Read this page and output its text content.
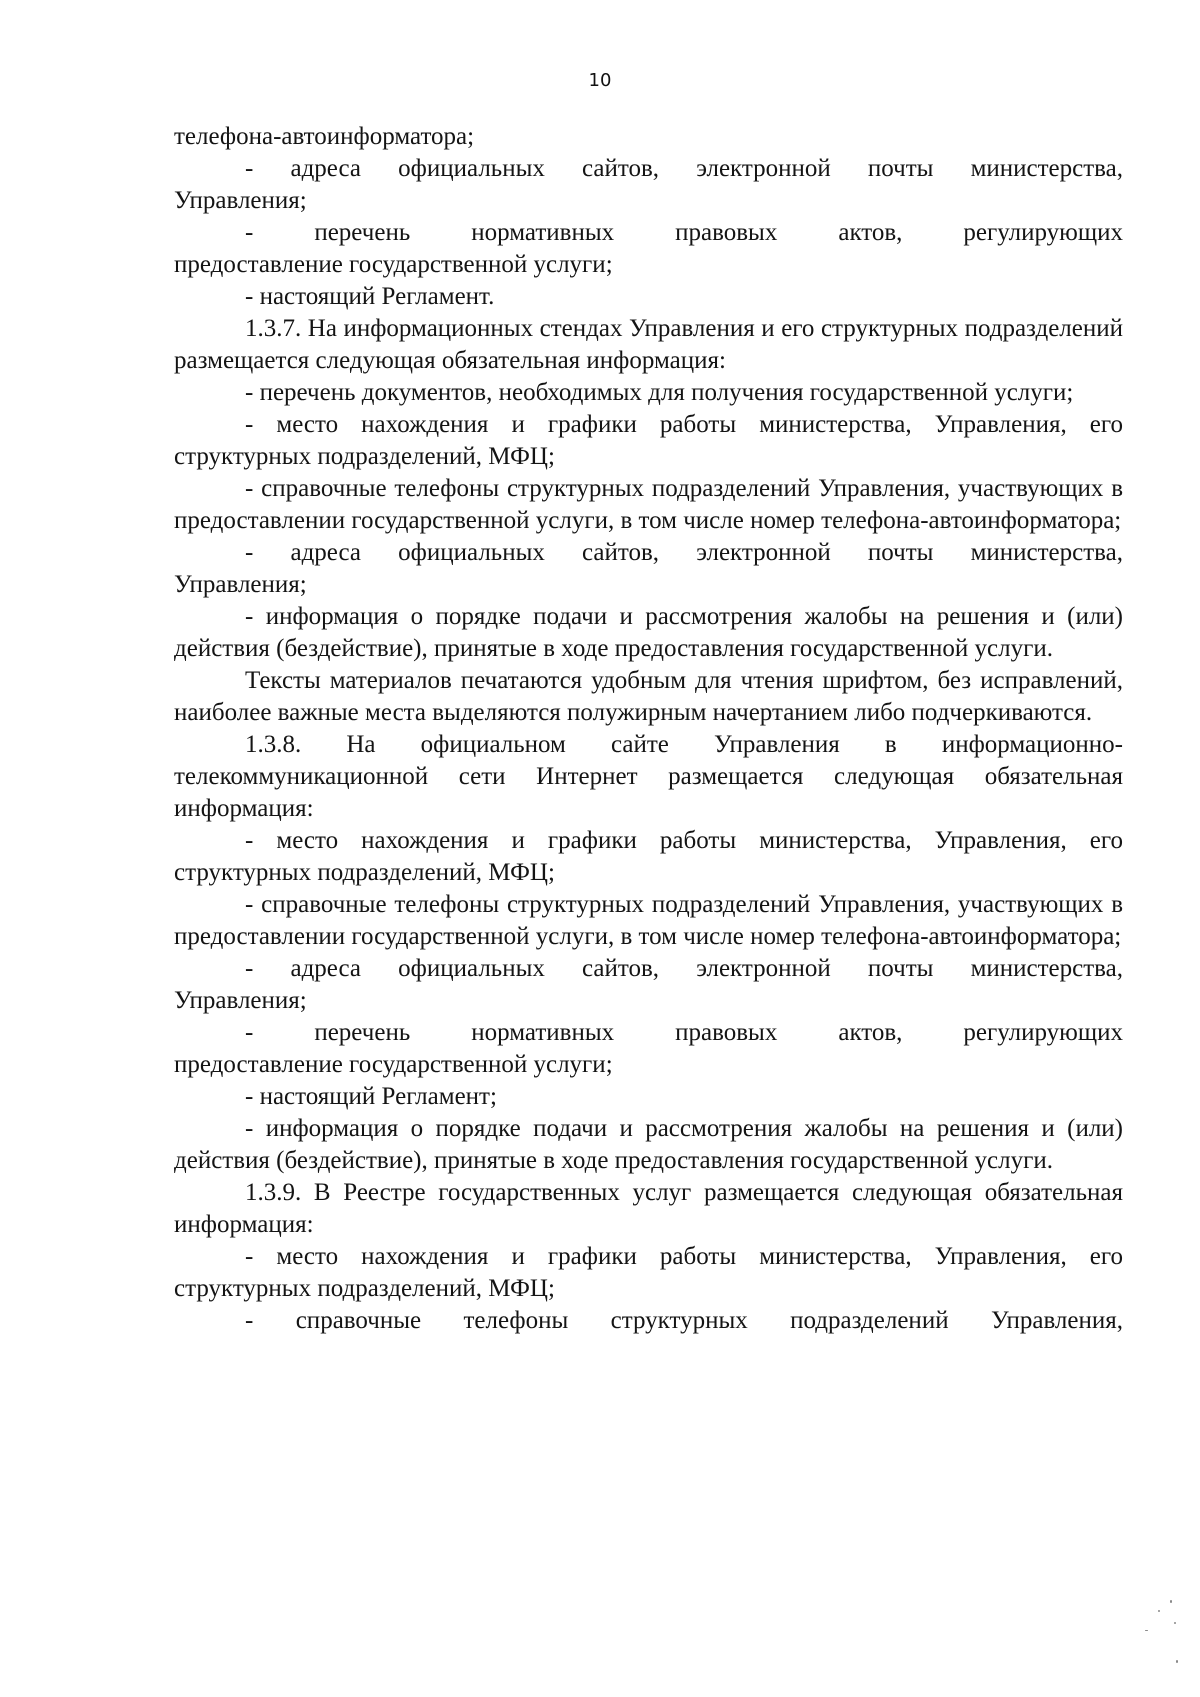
10

телефона-автоинформатора;

- адреса официальных сайтов, электронной почты министерства,

Управления;

- перечень нормативных правовых актов, регулирующих

предоставление государственной услуги;

- настоящий Регламент.

1.3.7. На информационных стендах Управления и его структурных подразделений размещается следующая обязательная информация:

- перечень документов, необходимых для получения государственной услуги;

- место нахождения и графики работы министерства, Управления, его структурных подразделений, МФЦ;

- справочные телефоны структурных подразделений Управления, участвующих в предоставлении государственной услуги, в том числе номер телефона-автоинформатора;

- адреса официальных сайтов, электронной почты министерства,

Управления;

- информация о порядке подачи и рассмотрения жалобы на решения и (или) действия (бездействие), принятые в ходе предоставления государственной услуги.

Тексты материалов печатаются удобным для чтения шрифтом, без исправлений, наиболее важные места выделяются полужирным начертанием либо подчеркиваются.

1.3.8. На официальном сайте Управления в информационно-

телекоммуникационной сети Интернет размещается следующая обязательная информация:

- место нахождения и графики работы министерства, Управления, его структурных подразделений, МФЦ;

- справочные телефоны структурных подразделений Управления, участвующих в предоставлении государственной услуги, в том числе номер телефона-автоинформатора;

- адреса официальных сайтов, электронной почты министерства,

Управления;

- перечень нормативных правовых актов, регулирующих

предоставление государственной услуги;

- настоящий Регламент;

- информация о порядке подачи и рассмотрения жалобы на решения и (или) действия (бездействие), принятые в ходе предоставления государственной услуги.

1.3.9. В Реестре государственных услуг размещается следующая обязательная информация:

- место нахождения и графики работы министерства, Управления, его структурных подразделений, МФЦ;

- справочные телефоны структурных подразделений Управления,
